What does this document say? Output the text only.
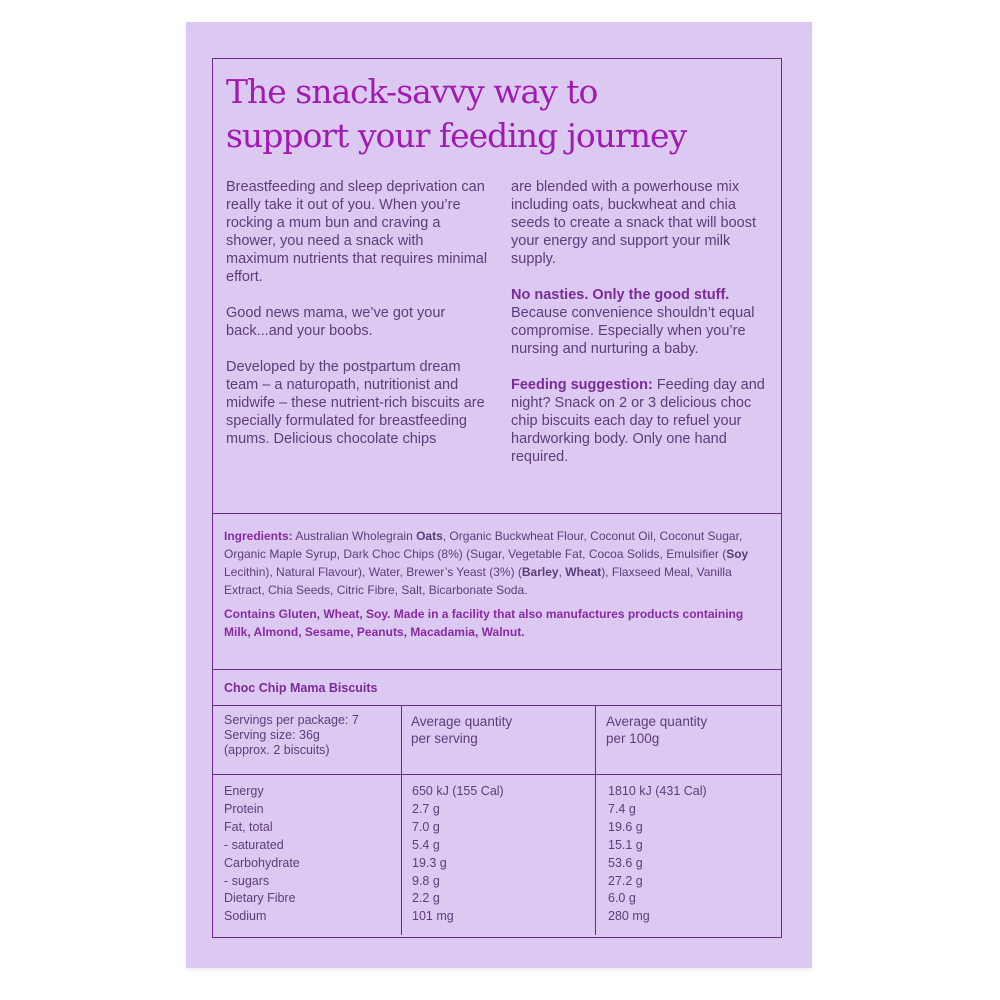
The snack-savvy way to
support your feeding journey

Breastfeeding and sleep deprivation can really take it out of you. When you’re rocking a mum bun and craving a shower, you need a snack with maximum nutrients that requires minimal effort.

Good news mama, we’ve got your back...and your boobs.

Developed by the postpartum dream team – a naturopath, nutritionist and midwife – these nutrient-rich biscuits are specially formulated for breastfeeding mums. Delicious chocolate chips

are blended with a powerhouse mix including oats, buckwheat and chia seeds to create a snack that will boost your energy and support your milk supply.

No nasties. Only the good stuff.
Because convenience shouldn’t equal compromise. Especially when you’re nursing and nurturing a baby.

Feeding suggestion: Feeding day and night? Snack on 2 or 3 delicious choc chip biscuits each day to refuel your hardworking body. Only one hand required.

Ingredients: Australian Wholegrain Oats, Organic Buckwheat Flour, Coconut Oil, Coconut Sugar, Organic Maple Syrup, Dark Choc Chips (8%) (Sugar, Vegetable Fat, Cocoa Solids, Emulsifier (Soy Lecithin), Natural Flavour), Water, Brewer’s Yeast (3%) (Barley, Wheat), Flaxseed Meal, Vanilla Extract, Chia Seeds, Citric Fibre, Salt, Bicarbonate Soda.

Contains Gluten, Wheat, Soy. Made in a facility that also manufactures products containing Milk, Almond, Sesame, Peanuts, Macadamia, Walnut.

Choc Chip Mama Biscuits
Servings per package: 7
Serving size: 36g
(approx. 2 biscuits)
Average quantity
per serving
Average quantity
per 100g
Energy
Protein
Fat, total
- saturated
Carbohydrate
- sugars
Dietary Fibre
Sodium
650 kJ (155 Cal)
2.7 g
7.0 g
5.4 g
19.3 g
9.8 g
2.2 g
101 mg
1810 kJ (431 Cal)
7.4 g
19.6 g
15.1 g
53.6 g
27.2 g
6.0 g
280 mg
